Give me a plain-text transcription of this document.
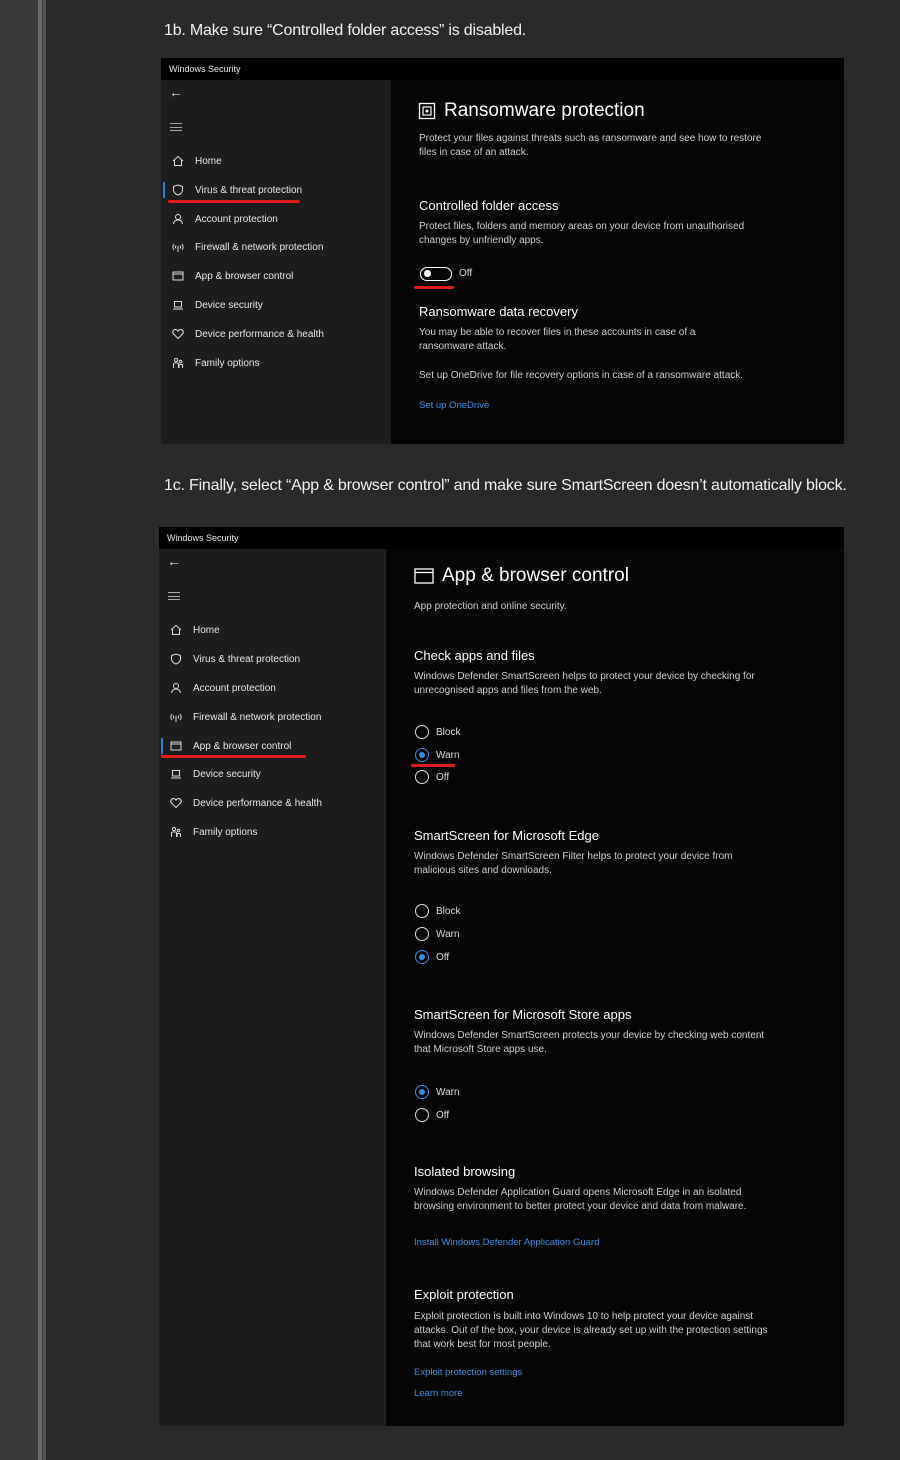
1b. Make sure “Controlled folder access” is disabled.
Windows Security
←
Home
Virus & threat protection
Account protection
Firewall & network protection
App & browser control
Device security
Device performance & health
Family options
Ransomware protection
Protect your files against threats such as ransomware and see how to restore files in case of an attack.
Controlled folder access
Protect files, folders and memory areas on your device from unauthorised changes by unfriendly apps.
Off
Ransomware data recovery
You may be able to recover files in these accounts in case of a ransomware attack.
Set up OneDrive for file recovery options in case of a ransomware attack.
Set up OneDrive
1c. Finally, select “App & browser control” and make sure SmartScreen doesn’t automatically block.
Windows Security
←
Home
Virus & threat protection
Account protection
Firewall & network protection
App & browser control
Device security
Device performance & health
Family options
App & browser control
App protection and online security.
Check apps and files
Windows Defender SmartScreen helps to protect your device by checking for unrecognised apps and files from the web.
Block
Warn
Off
SmartScreen for Microsoft Edge
Windows Defender SmartScreen Filter helps to protect your device from malicious sites and downloads.
Block
Warn
Off
SmartScreen for Microsoft Store apps
Windows Defender SmartScreen protects your device by checking web content that Microsoft Store apps use.
Warn
Off
Isolated browsing
Windows Defender Application Guard opens Microsoft Edge in an isolated browsing environment to better protect your device and data from malware.
Install Windows Defender Application Guard
Exploit protection
Exploit protection is built into Windows 10 to help protect your device against attacks. Out of the box, your device is already set up with the protection settings that work best for most people.
Exploit protection settings
Learn more
